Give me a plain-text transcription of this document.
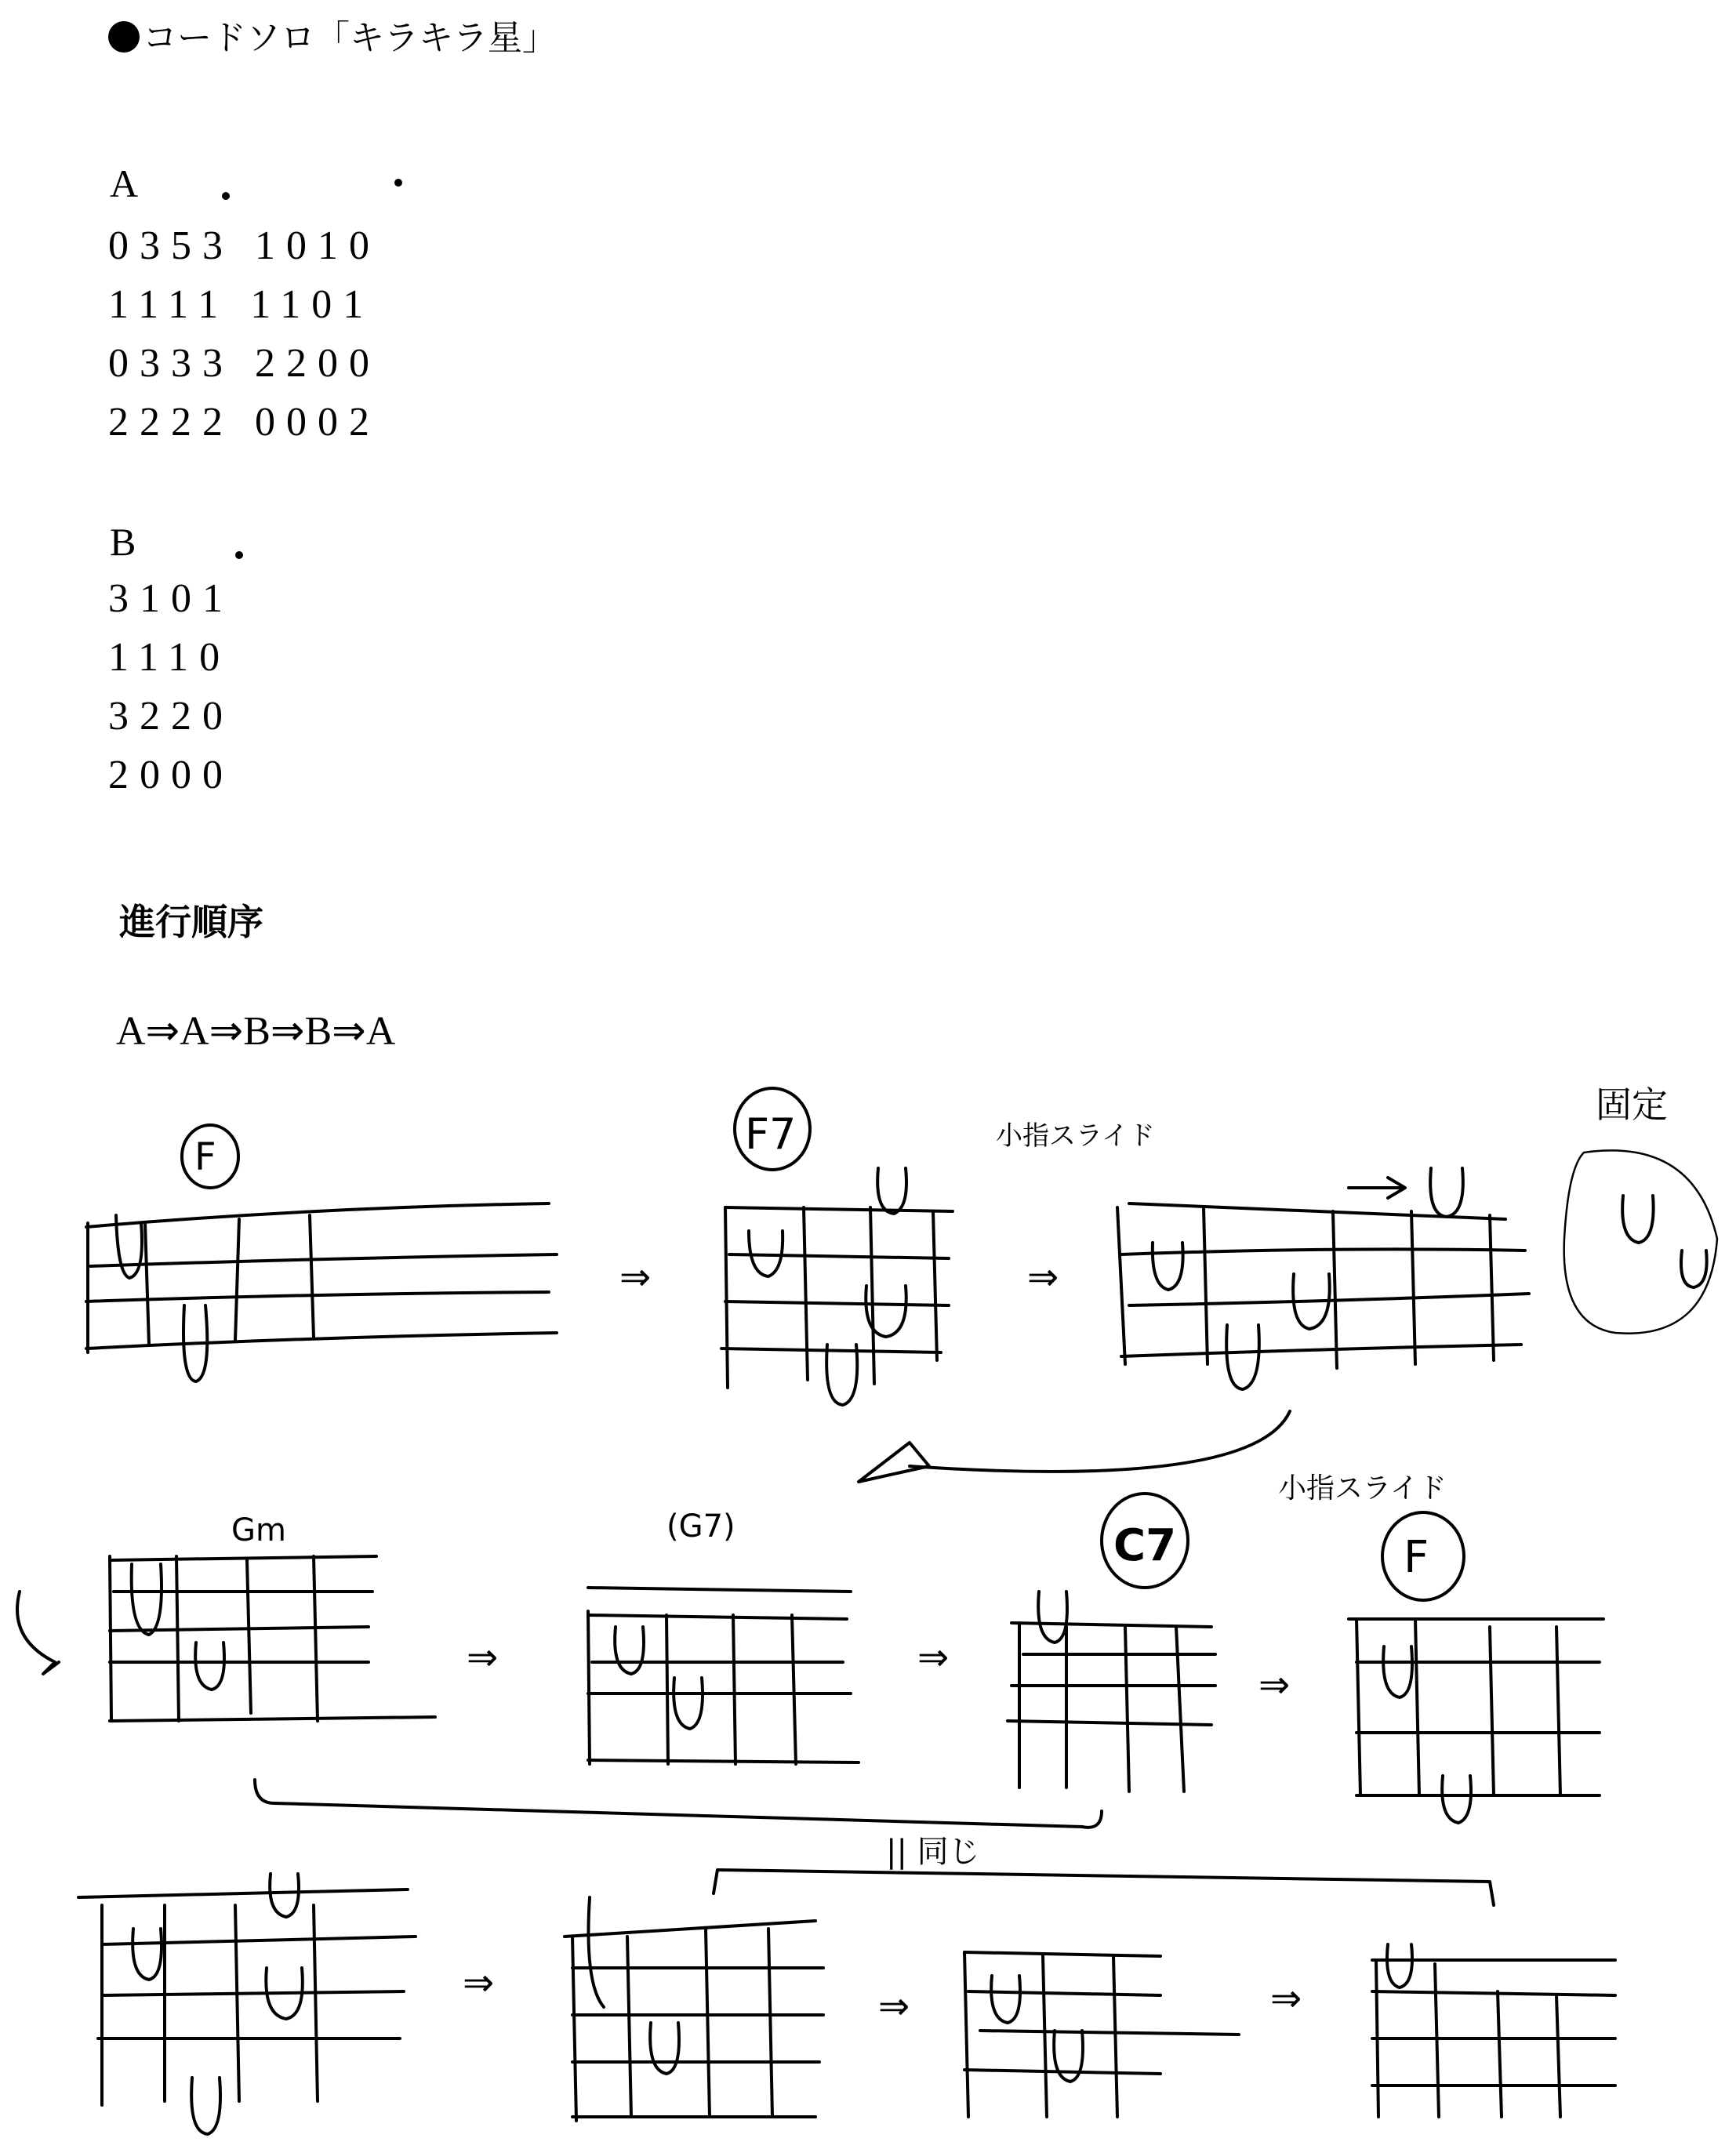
コードソロ「キラキラ星」
A
0353 1010
1111 1101
0333 2200
2222 0002
B
3101
1110
3220
2000
進行順序
A⇒A⇒B⇒B⇒A
F
⇒
F7	小指スライド
⇒
固定
小指スライド
Gm
⇒
(G7)
⇒
C7
⇒
F
|| 同じ
⇒
⇒	⇒
